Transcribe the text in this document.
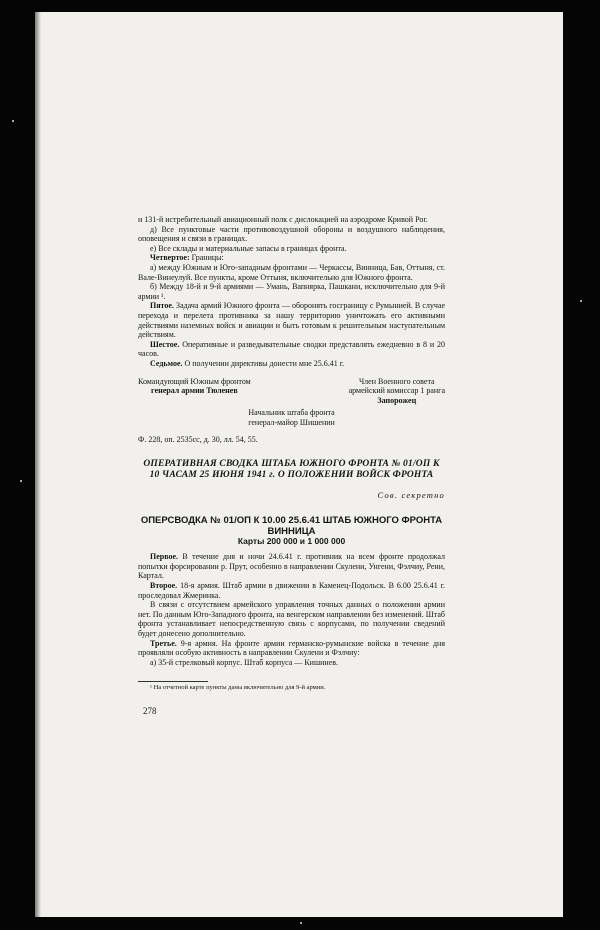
и 131-й истребительный авиационный полк с дислокацией на аэродроме Кривой Рог.

д) Все пунктовые части противовоздушной обороны и воздушного наблюдения, оповещения и связи в границах.

е) Все склады и материальные запасы в границах фронта.

Четвертое: Границы:

а) между Южным и Юго-западным фронтами — Черкассы, Винница, Бав, Оттыня, ст. Вале-Винеулуй. Все пункты, кроме Оттыня, включительно для Южного фронта.

б) Между 18-й и 9-й армиями — Умань, Вапнярка, Пашкани, исключительно для 9-й армии ¹.

Пятое. Задача армий Южного фронта — оборонять госграницу с Румынией. В случае перехода и перелета противника за нашу территорию уничтожать его активными действиями наземных войск и авиации и быть готовым к решительным наступательным действиям.

Шестое. Оперативные и разведывательные сводки представлять ежедневно в 8 и 20 часов.

Седьмое. О получении директивы донести мне 25.6.41 г.

Командующий Южным фронтом
генерал армии Тюленев
Член Военного совета
армейский комиссар 1 ранга
Запорожец
Начальник штаба фронта
генерал-майор Шишенин

Ф. 228, оп. 2535сс, д. 30, лл. 54, 55.

ОПЕРАТИВНАЯ СВОДКА ШТАБА ЮЖНОГО ФРОНТА № 01/ОП К 10 ЧАСАМ 25 ИЮНЯ 1941 г. О ПОЛОЖЕНИИ ВОЙСК ФРОНТА
Сов. секретно
ОПЕРСВОДКА № 01/ОП К 10.00 25.6.41 ШТАБ ЮЖНОГО ФРОНТА ВИННИЦА
Карты 200 000 и 1 000 000

Первое. В течение дня и ночи 24.6.41 г. противник на всем фронте продолжал попытки форсировании р. Прут, особенно в направлении Скулени, Унгени, Фэлчиу, Рени, Картал.

Второе. 18-я армия. Штаб армии в движении в Каменец-Подольск. В 6.00 25.6.41 г. проследовал Жмеринка.

В связи с отсутствием армейского управления точных данных о положении армии нет. По данным Юго-Западного фронта, на венгерском направлении без изменений. Штаб фронта устанавливает непосредственную связь с корпусами, по получении сведений будет донесено дополнительно.

Третье. 9-я армия. На фронте армии германско-румынские войска в течение дня проявляли особую активность в направлении Скулени и Фэлчиу:

а) 35-й стрелковый корпус. Штаб корпуса — Кишинев.

¹ На отчетной карте пункты даны включительно для 9-й армии.

278
